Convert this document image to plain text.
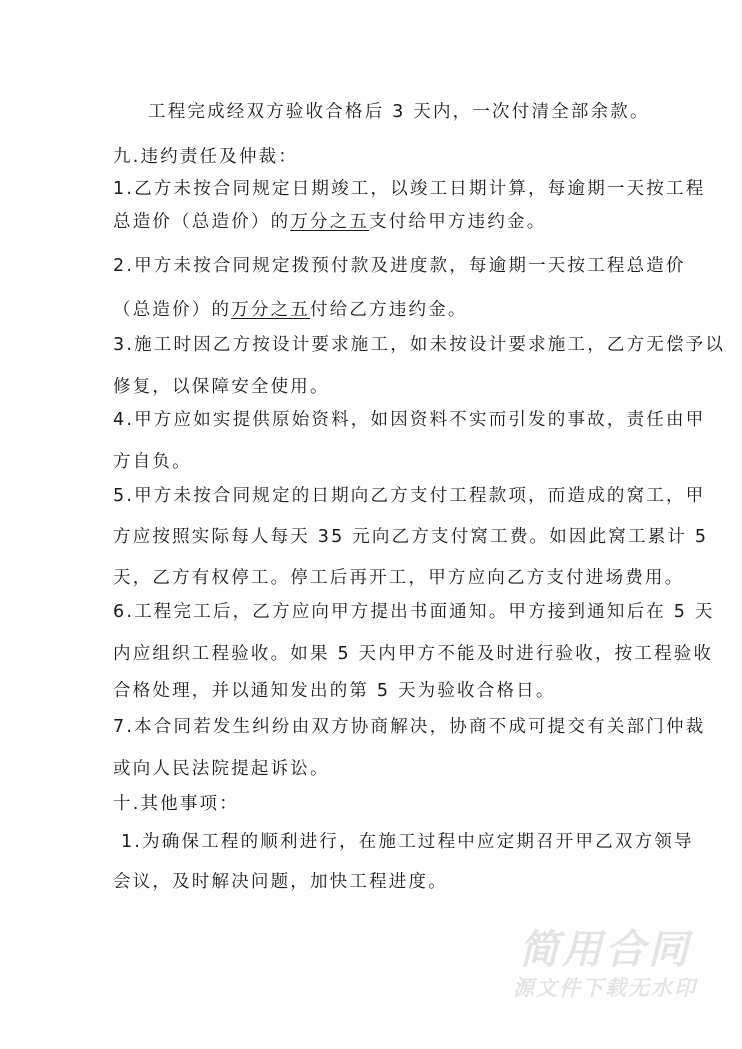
工程完成经双方验收合格后 3 天内，一次付清全部余款。
九.违约责任及仲裁：
1.乙方未按合同规定日期竣工，以竣工日期计算，每逾期一天按工程
总造价（总造价）的万分之五支付给甲方违约金。
2.甲方未按合同规定拨预付款及进度款，每逾期一天按工程总造价
（总造价）的万分之五付给乙方违约金。
3.施工时因乙方按设计要求施工，如未按设计要求施工，乙方无偿予以
修复，以保障安全使用。
4.甲方应如实提供原始资料，如因资料不实而引发的事故，责任由甲
方自负。
5.甲方未按合同规定的日期向乙方支付工程款项，而造成的窝工，甲
方应按照实际每人每天 35 元向乙方支付窝工费。如因此窝工累计 5
天，乙方有权停工。停工后再开工，甲方应向乙方支付进场费用。
6.工程完工后，乙方应向甲方提出书面通知。甲方接到通知后在 5 天
内应组织工程验收。如果 5 天内甲方不能及时进行验收，按工程验收
合格处理，并以通知发出的第 5 天为验收合格日。
7.本合同若发生纠纷由双方协商解决，协商不成可提交有关部门仲裁
或向人民法院提起诉讼。
十.其他事项：
1.为确保工程的顺利进行，在施工过程中应定期召开甲乙双方领导
会议，及时解决问题，加快工程进度。
简用合同
源文件下载无水印
